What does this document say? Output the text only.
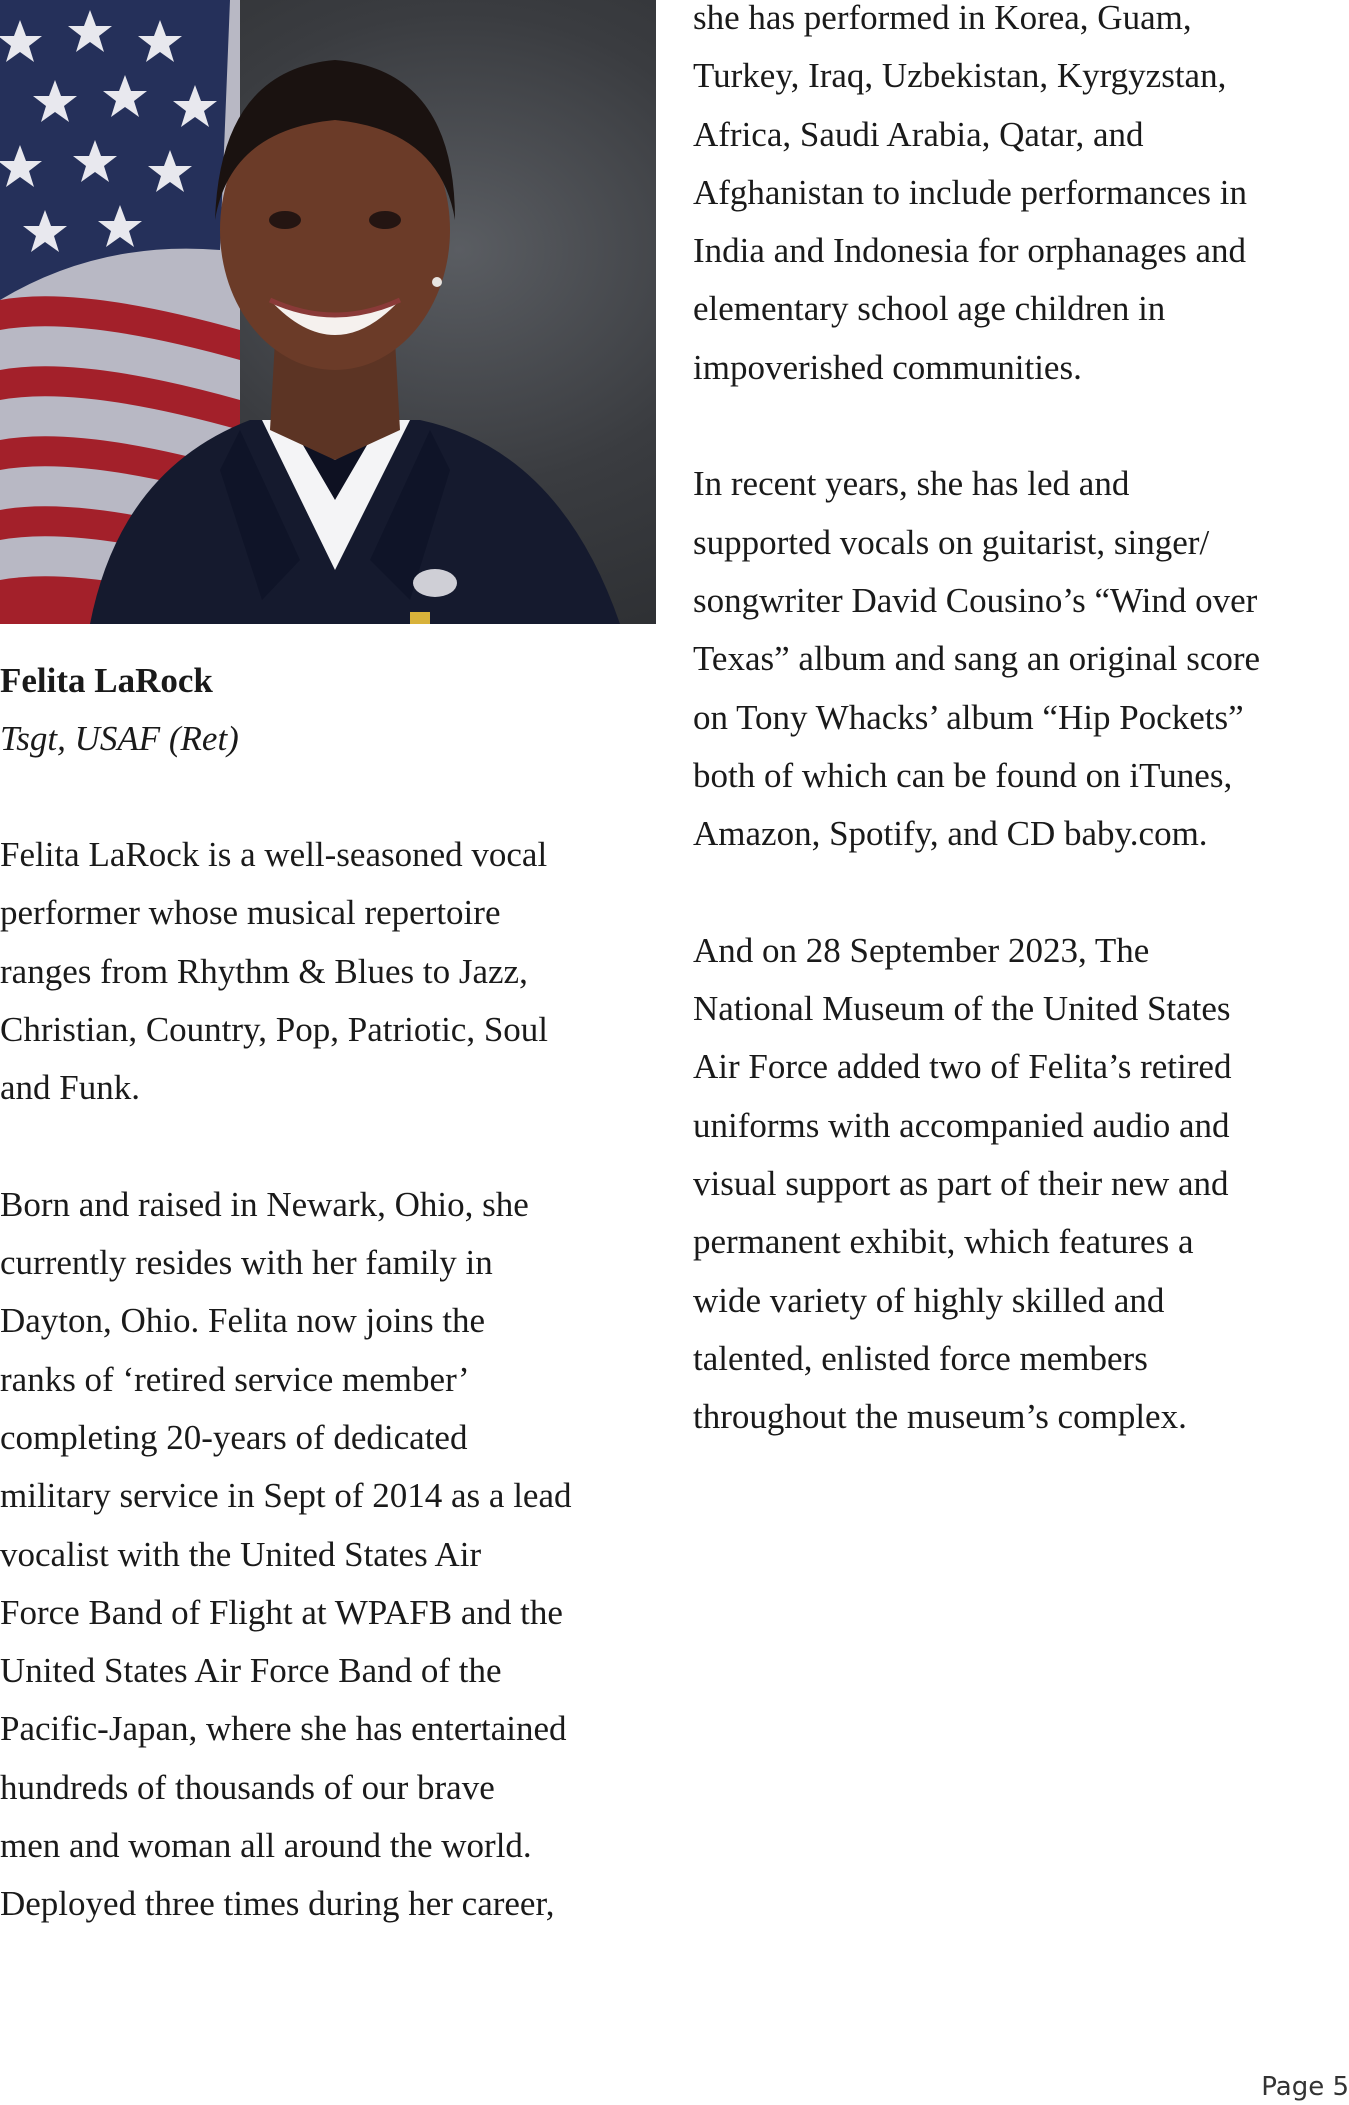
Felita LaRock

Tsgt, USAF (Ret)

Felita LaRock is a well-seasoned vocal
performer whose musical repertoire
ranges from Rhythm & Blues to Jazz,
Christian, Country, Pop, Patriotic, Soul
and Funk.

Born and raised in Newark, Ohio, she
currently resides with her family in
Dayton, Ohio. Felita now joins the
ranks of ‘retired service member’
completing 20-years of dedicated
military service in Sept of 2014 as a lead
vocalist with the United States Air
Force Band of Flight at WPAFB and the
United States Air Force Band of the
Pacific-Japan, where she has entertained
hundreds of thousands of our brave
men and woman all around the world.
Deployed three times during her career,

she has performed in Korea, Guam,
Turkey, Iraq, Uzbekistan, Kyrgyzstan,
Africa, Saudi Arabia, Qatar, and
Afghanistan to include performances in
India and Indonesia for orphanages and
elementary school age children in
impoverished communities.

In recent years, she has led and
supported vocals on guitarist, singer/
songwriter David Cousino’s “Wind over
Texas” album and sang an original score
on Tony Whacks’ album “Hip Pockets”
both of which can be found on iTunes,
Amazon, Spotify, and CD baby.com.

And on 28 September 2023, The
National Museum of the United States
Air Force added two of Felita’s retired
uniforms with accompanied audio and
visual support as part of their new and
permanent exhibit, which features a
wide variety of highly skilled and
talented, enlisted force members
throughout the museum’s complex.

Page 5
